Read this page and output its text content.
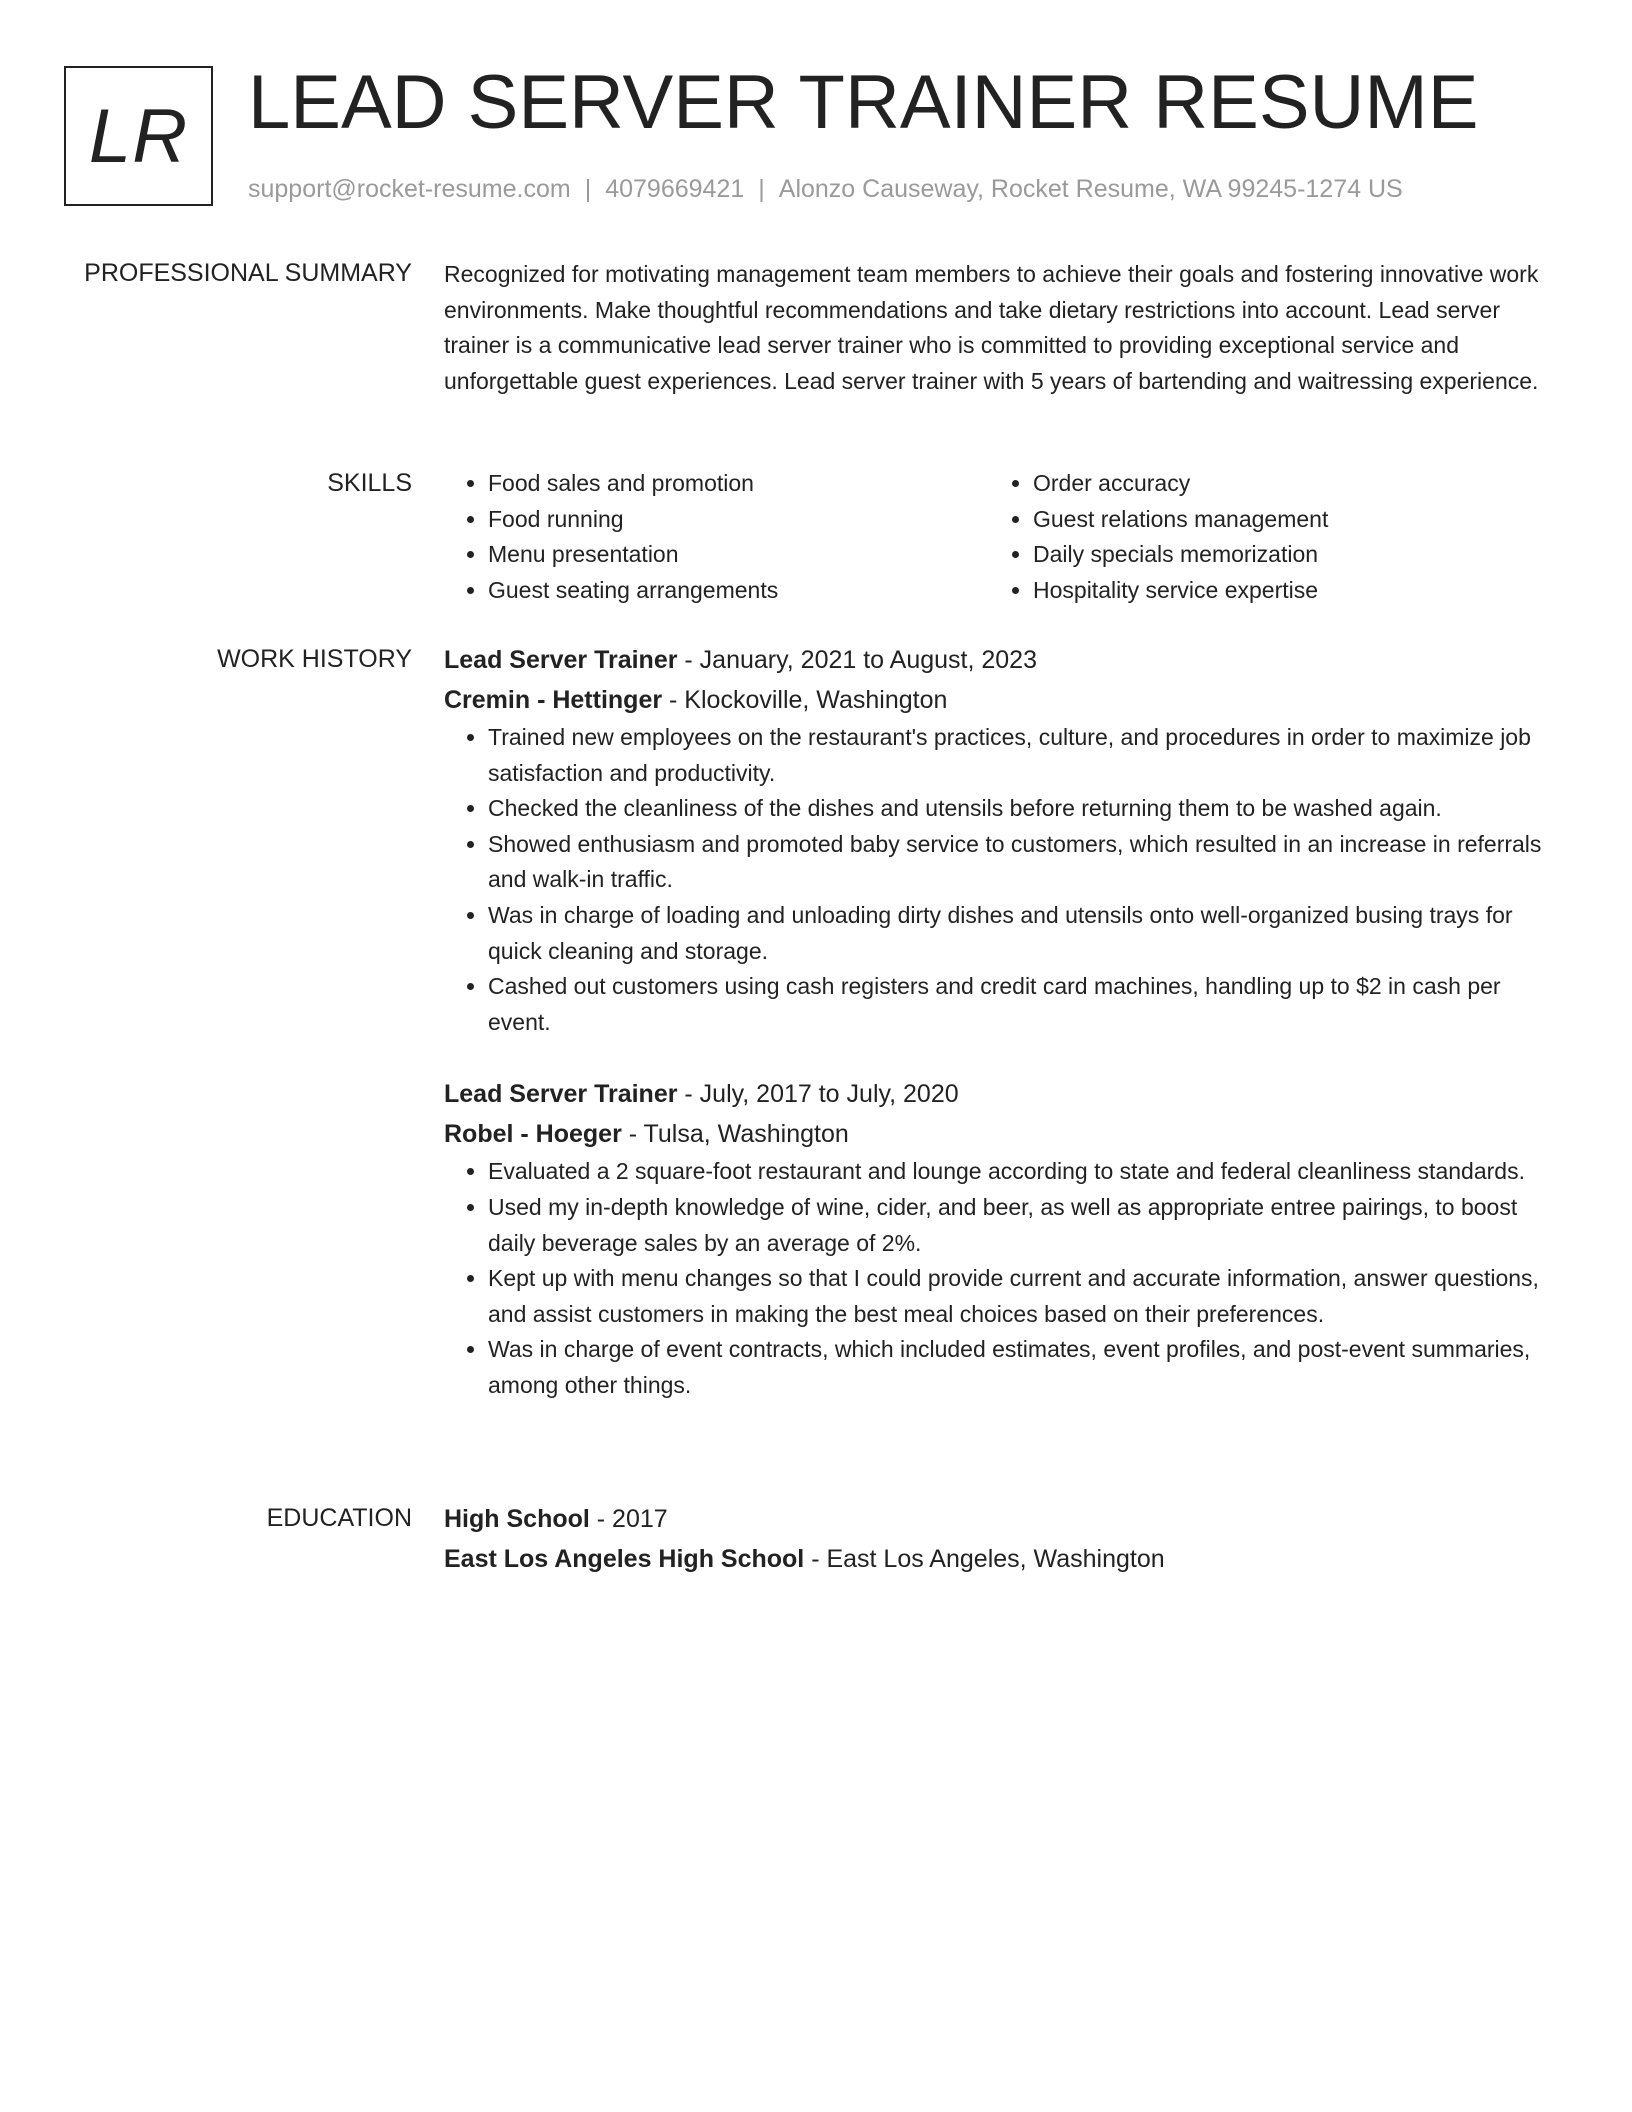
LR LEAD SERVER TRAINER RESUME
support@rocket-resume.com | 4079669421 | Alonzo Causeway, Rocket Resume, WA 99245-1274 US
PROFESSIONAL SUMMARY Recognized for motivating management team members to achieve their goals and fostering innovative work environments. Make thoughtful recommendations and take dietary restrictions into account. Lead server trainer is a communicative lead server trainer who is committed to providing exceptional service and unforgettable guest experiences. Lead server trainer with 5 years of bartending and waitressing experience.

SKILLS
•	Food sales and promotion
• Food running
• Menu presentation
• Guest seating arrangements
• Order accuracy
• Guest relations management
• Daily specials memorization
• Hospitality service expertise
WORK HISTORY Lead Server Trainer - January, 2021 to August, 2023
Cremin - Hettinger - Klockoville, Washington
• Trained new employees on the restaurant's practices, culture, and procedures in order to maximize job satisfaction and productivity.
• Checked the cleanliness of the dishes and utensils before returning them to be washed again.
• Showed enthusiasm and promoted baby service to customers, which resulted in an increase in referrals and walk-in traffic.
• Was in charge of loading and unloading dirty dishes and utensils onto well-organized busing trays for quick cleaning and storage.
• Cashed out customers using cash registers and credit card machines, handling up to $2 in cash per event.
Lead Server Trainer - July, 2017 to July, 2020
Robel - Hoeger - Tulsa, Washington
• Evaluated a 2 square-foot restaurant and lounge according to state and federal cleanliness standards.
• Used my in-depth knowledge of wine, cider, and beer, as well as appropriate entree pairings, to boost daily beverage sales by an average of 2%.
• Kept up with menu changes so that I could provide current and accurate information, answer questions, and assist customers in making the best meal choices based on their preferences.
• Was in charge of event contracts, which included estimates, event profiles, and post-event summaries, among other things.
EDUCATION High School - 2017
East Los Angeles High School - East Los Angeles, Washington
